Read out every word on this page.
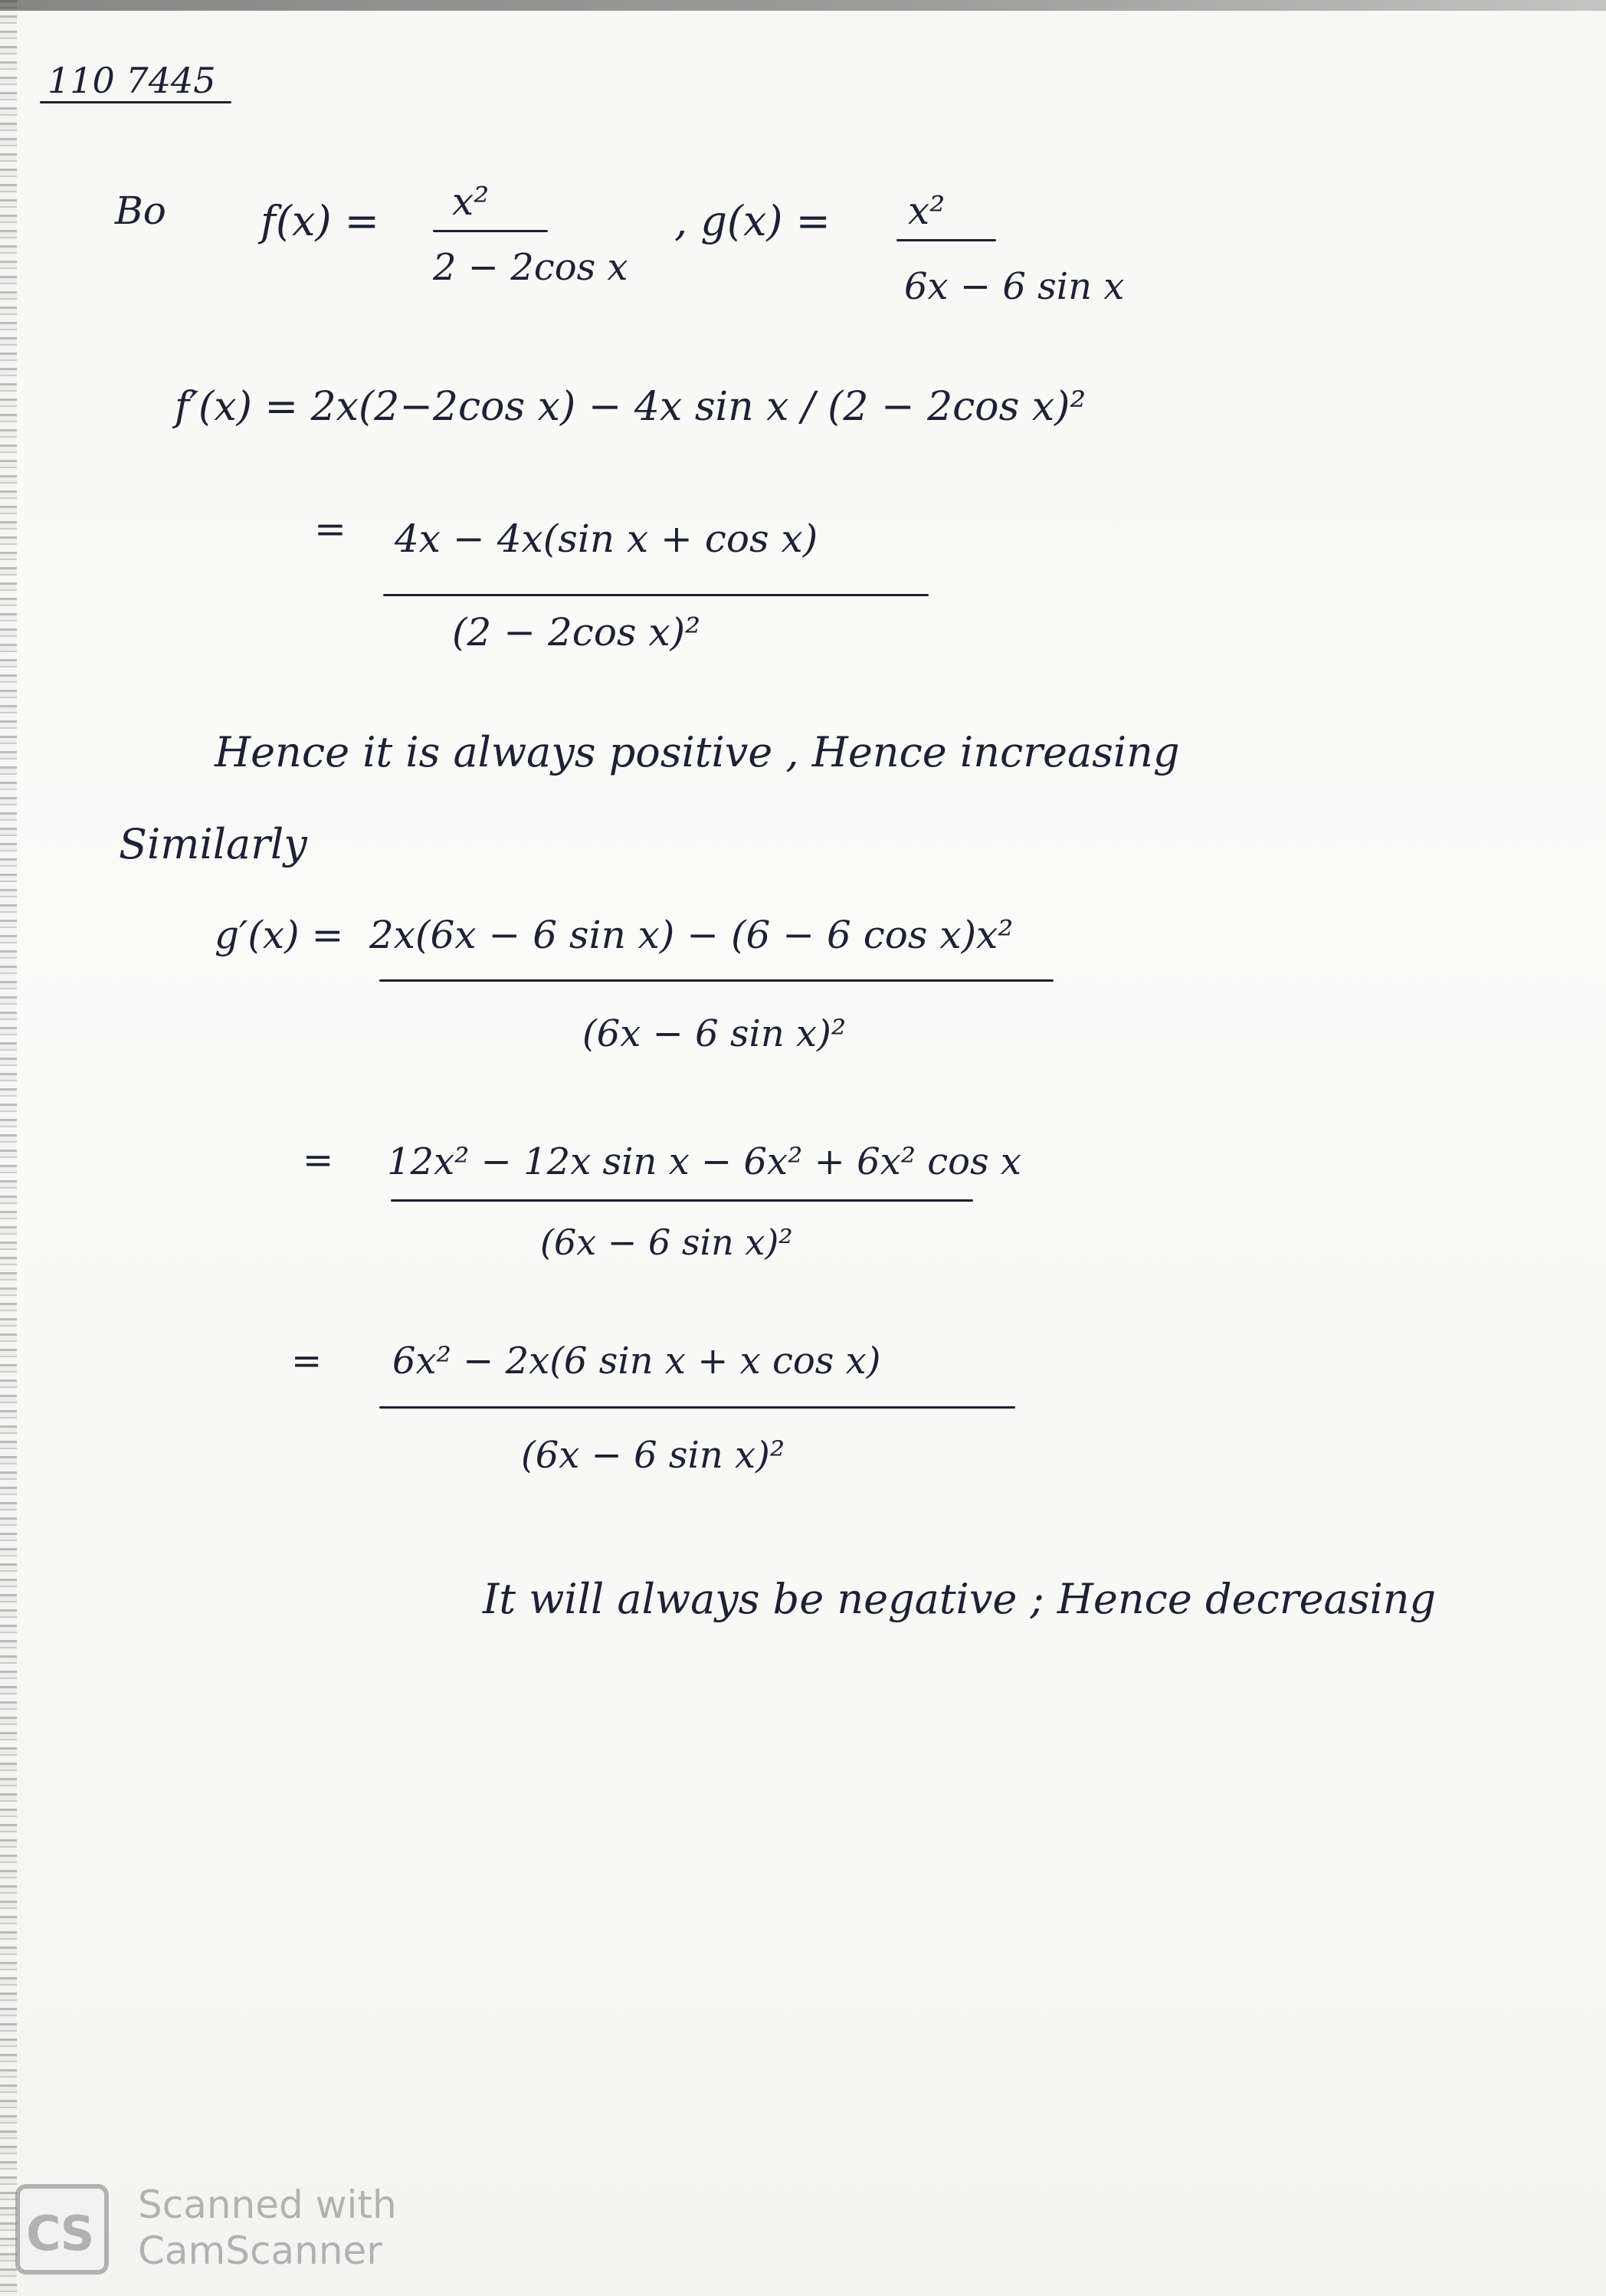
110 7445
Bo f(x) = x²
2 − 2cos x
, g(x) = x²
6x − 6 sin x
f′(x) = 2x(2−2cos x) − 4x sin x / (2 − 2cos x)²
= 4x − 4x(sin x + cos x)
(2 − 2cos x)²
Hence it is always positive , Hence increasing
Similarly
g′(x) = 2x(6x − 6 sin x) − (6 − 6 cos x)x²
(6x − 6 sin x)²
= 12x² − 12x sin x − 6x² + 6x² cos x
(6x − 6 sin x)²
= 6x² − 2x(6 sin x + x cos x)
(6x − 6 sin x)²
It will always be negative ; Hence decreasing
CS
Scanned with
CamScanner
